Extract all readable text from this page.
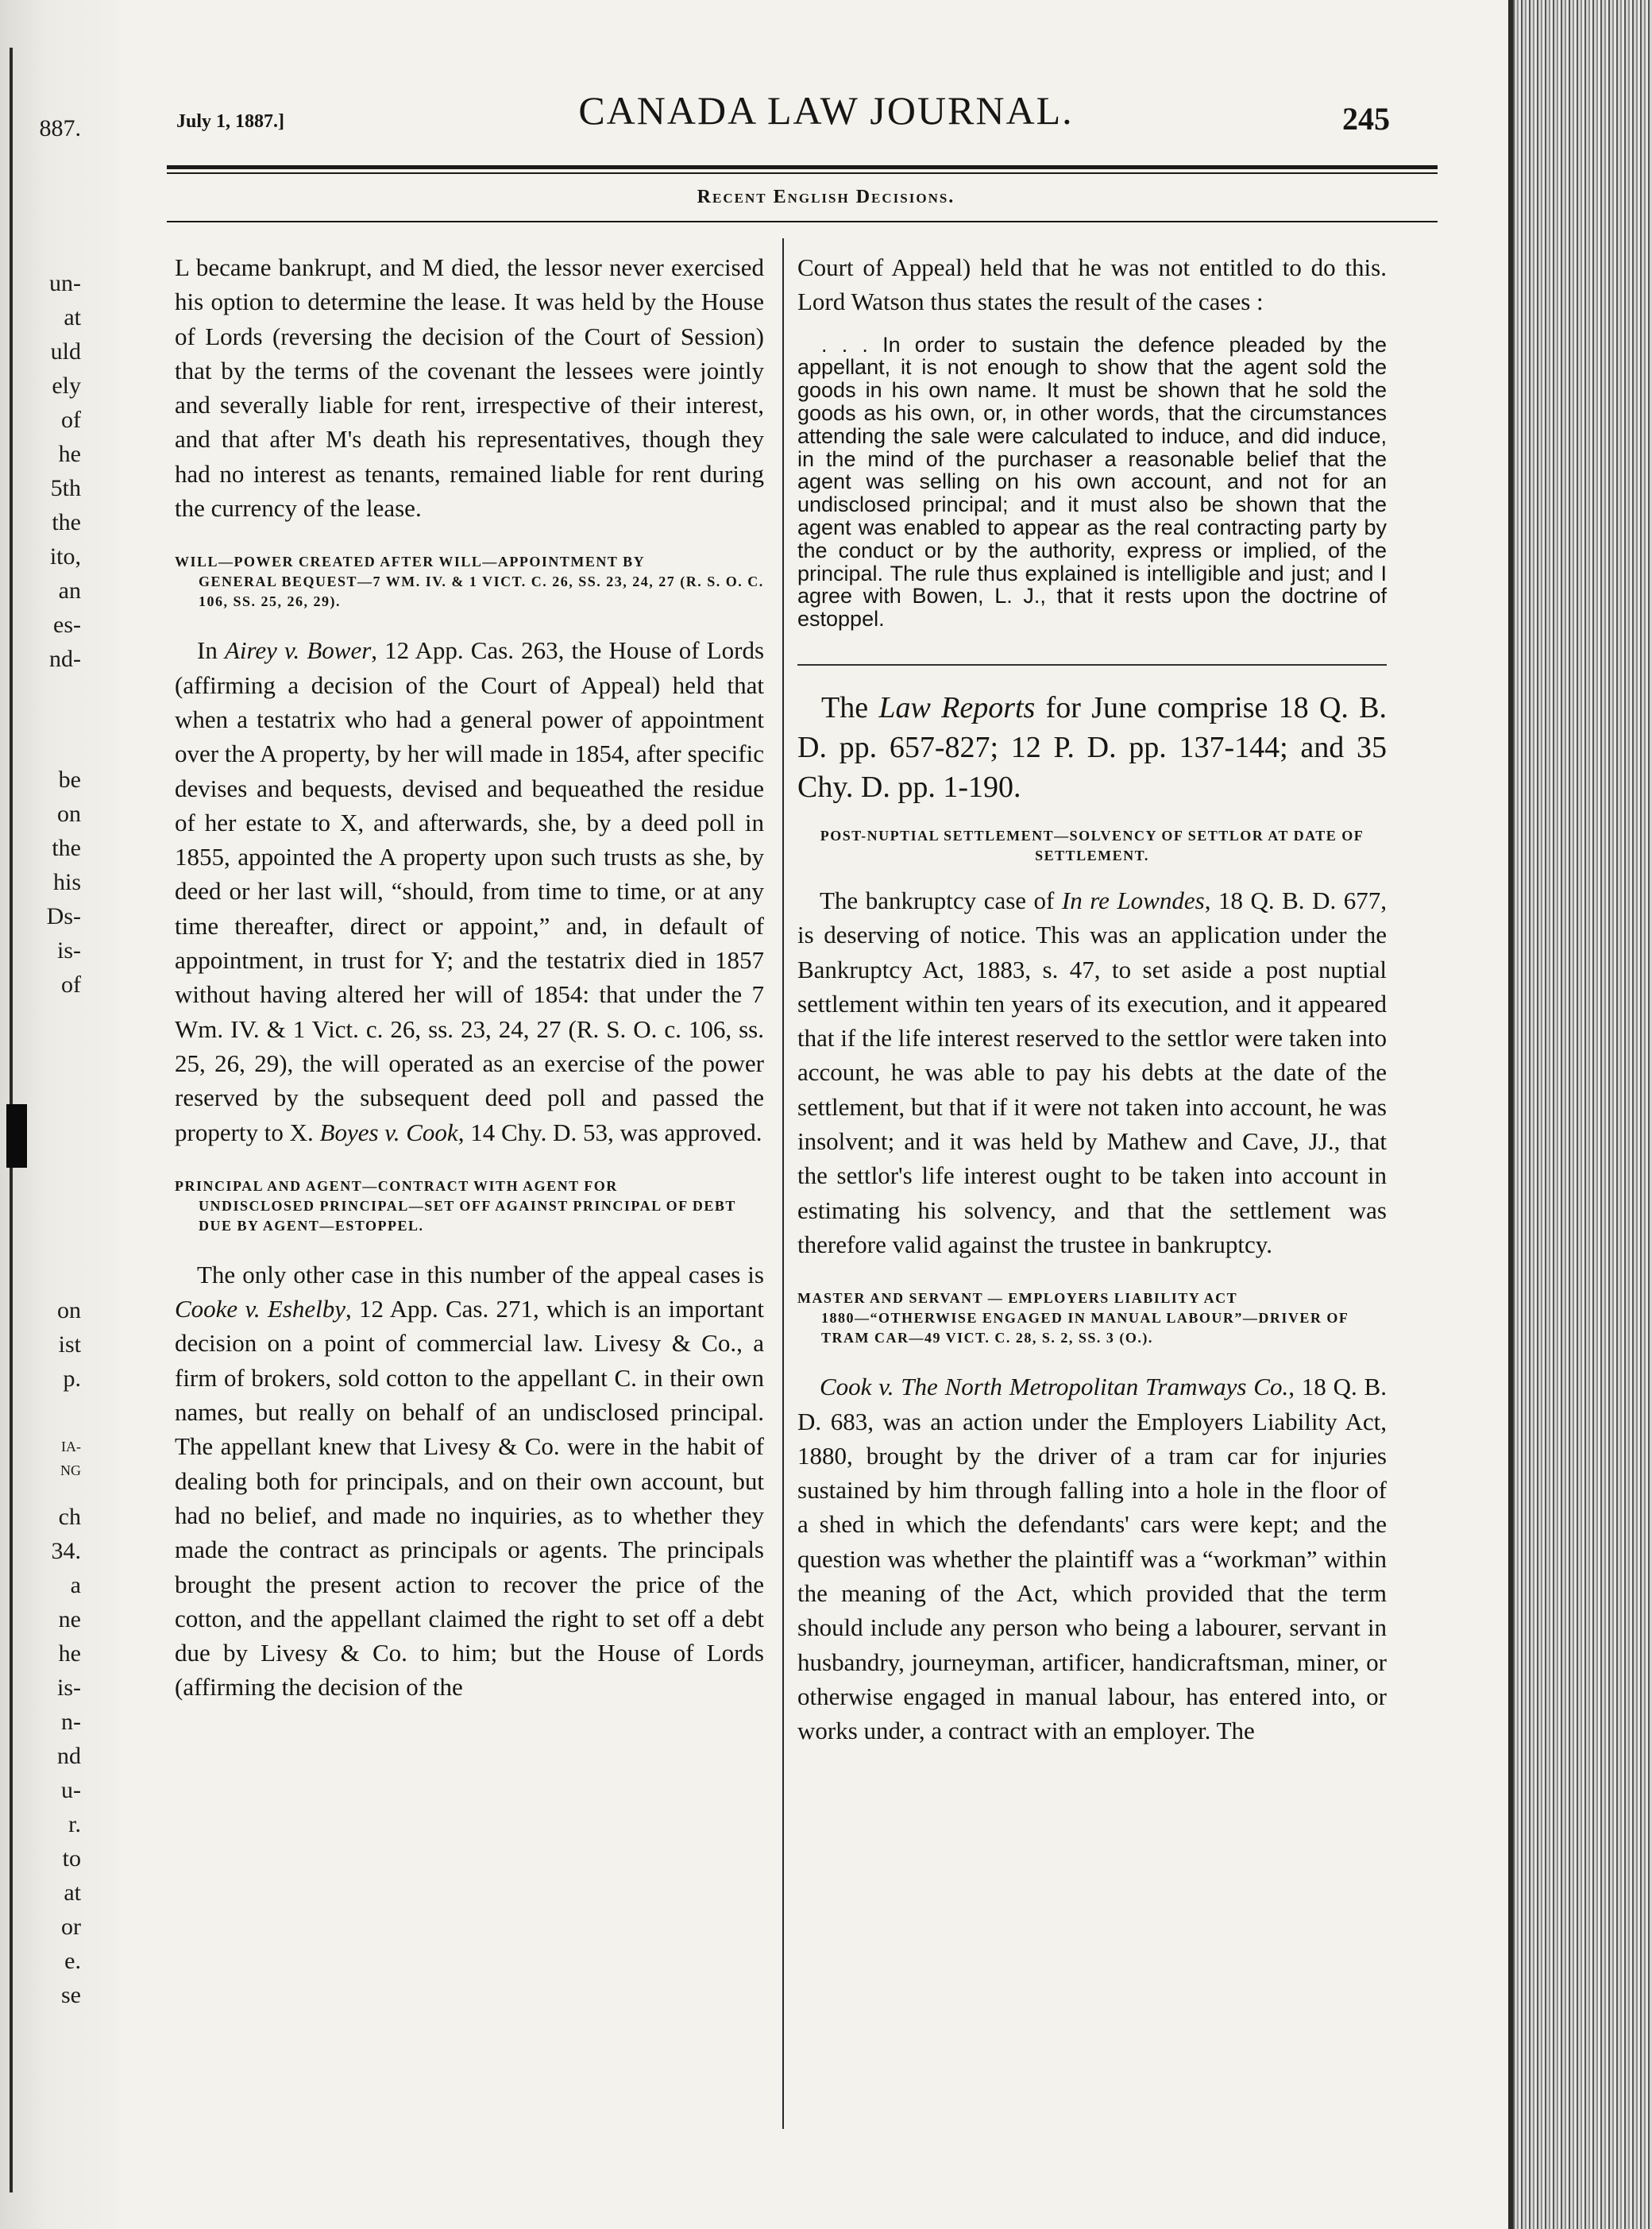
887.
un-
at
uld
ely
of
he
5th
the
ito,
an
es-
nd-
be
on
the
his
Ds-
is-
of
on
ist
p.
IA-
NG
ch
34.
a
ne
he
is-
n-
nd
u-
r.
to
at
or
e.
se
July 1, 1887.]	CANADA LAW JOURNAL.	245
Recent English Decisions.

L became bankrupt, and M died, the lessor never exercised his option to determine the lease. It was held by the House of Lords (reversing the decision of the Court of Session) that by the terms of the covenant the lessees were jointly and severally liable for rent, irrespective of their interest, and that after M's death his representatives, though they had no interest as tenants, remained liable for rent during the currency of the lease.

WILL—POWER CREATED AFTER WILL—APPOINTMENT BY
GENERAL BEQUEST—7 WM. IV. & 1 VICT. C. 26, SS. 23, 24, 27 (R. S. O. C. 106, SS. 25, 26, 29).

In Airey v. Bower, 12 App. Cas. 263, the House of Lords (affirming a decision of the Court of Appeal) held that when a testatrix who had a general power of appointment over the A property, by her will made in 1854, after specific devises and bequests, devised and bequeathed the residue of her estate to X, and afterwards, she, by a deed poll in 1855, appointed the A property upon such trusts as she, by deed or her last will, “should, from time to time, or at any time thereafter, direct or appoint,” and, in default of appointment, in trust for Y; and the testatrix died in 1857 without having altered her will of 1854: that under the 7 Wm. IV. & 1 Vict. c. 26, ss. 23, 24, 27 (R. S. O. c. 106, ss. 25, 26, 29), the will operated as an exercise of the power reserved by the subsequent deed poll and passed the property to X. Boyes v. Cook, 14 Chy. D. 53, was approved.

PRINCIPAL AND AGENT—CONTRACT WITH AGENT FOR
UNDISCLOSED PRINCIPAL—SET OFF AGAINST PRINCIPAL OF DEBT DUE BY AGENT—ESTOPPEL.

The only other case in this number of the appeal cases is Cooke v. Eshelby, 12 App. Cas. 271, which is an important decision on a point of commercial law. Livesy & Co., a firm of brokers, sold cotton to the appellant C. in their own names, but really on behalf of an undisclosed principal. The appellant knew that Livesy & Co. were in the habit of dealing both for principals, and on their own account, but had no belief, and made no inquiries, as to whether they made the contract as principals or agents. The principals brought the present action to recover the price of the cotton, and the appellant claimed the right to set off a debt due by Livesy & Co. to him; but the House of Lords (affirming the decision of the

Court of Appeal) held that he was not entitled to do this. Lord Watson thus states the result of the cases :

. . . In order to sustain the defence pleaded by the appellant, it is not enough to show that the agent sold the goods in his own name. It must be shown that he sold the goods as his own, or, in other words, that the circumstances attending the sale were calculated to induce, and did induce, in the mind of the purchaser a reasonable belief that the agent was selling on his own account, and not for an undisclosed principal; and it must also be shown that the agent was enabled to appear as the real contracting party by the conduct or by the authority, express or implied, of the principal. The rule thus explained is intelligible and just; and I agree with Bowen, L. J., that it rests upon the doctrine of estoppel.

The Law Reports for June comprise 18 Q. B. D. pp. 657-827; 12 P. D. pp. 137-144; and 35 Chy. D. pp. 1-190.

POST-NUPTIAL SETTLEMENT—SOLVENCY OF SETTLOR AT DATE OF SETTLEMENT.

The bankruptcy case of In re Lowndes, 18 Q. B. D. 677, is deserving of notice. This was an application under the Bankruptcy Act, 1883, s. 47, to set aside a post nuptial settlement within ten years of its execution, and it appeared that if the life interest reserved to the settlor were taken into account, he was able to pay his debts at the date of the settlement, but that if it were not taken into account, he was insolvent; and it was held by Mathew and Cave, JJ., that the settlor's life interest ought to be taken into account in estimating his solvency, and that the settlement was therefore valid against the trustee in bankruptcy.

MASTER AND SERVANT — EMPLOYERS LIABILITY ACT
1880—“OTHERWISE ENGAGED IN MANUAL LABOUR”—DRIVER OF TRAM CAR—49 VICT. C. 28, S. 2, SS. 3 (O.).

Cook v. The North Metropolitan Tramways Co., 18 Q. B. D. 683, was an action under the Employers Liability Act, 1880, brought by the driver of a tram car for injuries sustained by him through falling into a hole in the floor of a shed in which the defendants' cars were kept; and the question was whether the plaintiff was a “workman” within the meaning of the Act, which provided that the term should include any person who being a labourer, servant in husbandry, journeyman, artificer, handicraftsman, miner, or otherwise engaged in manual labour, has entered into, or works under, a contract with an employer. The
